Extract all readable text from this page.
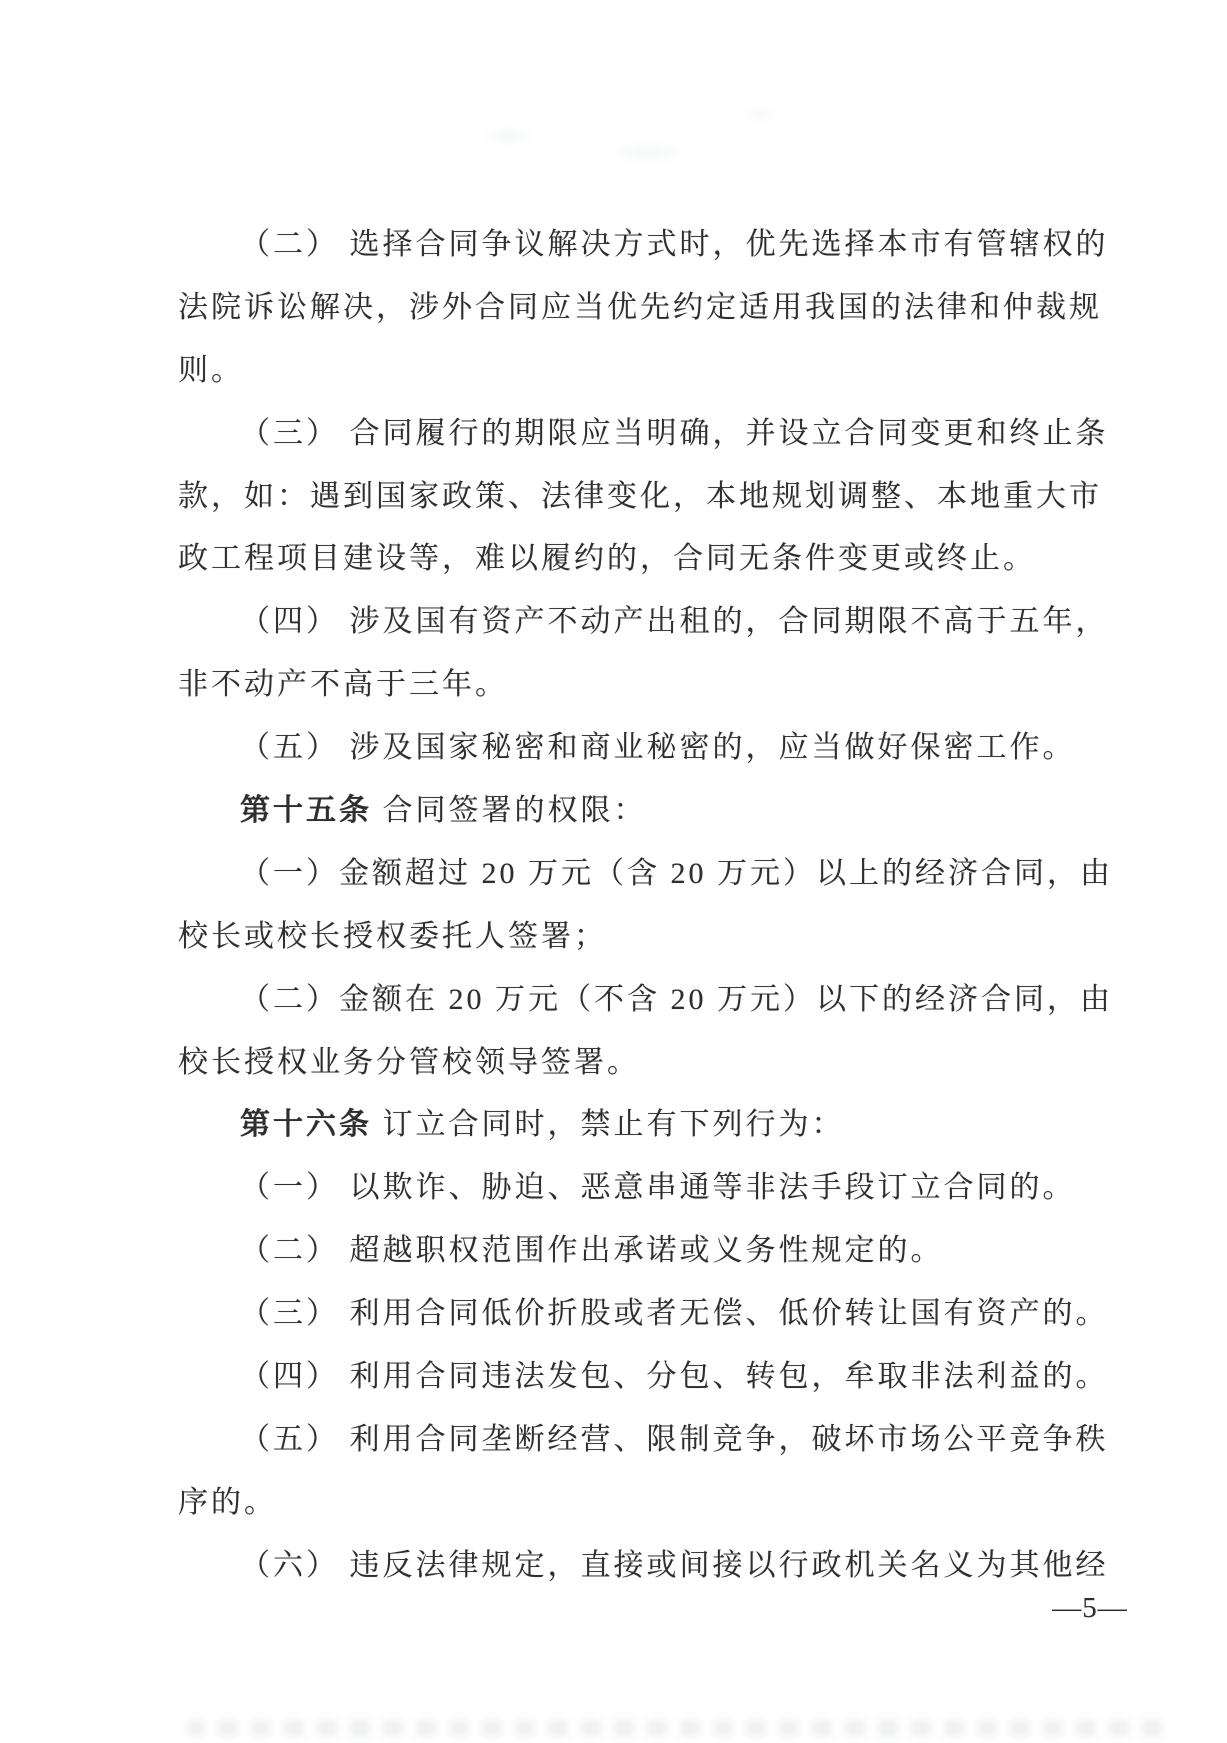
（二） 选择合同争议解决方式时，优先选择本市有管辖权的
法院诉讼解决，涉外合同应当优先约定适用我国的法律和仲裁规
则。
（三） 合同履行的期限应当明确，并设立合同变更和终止条
款，如：遇到国家政策、法律变化，本地规划调整、本地重大市
政工程项目建设等，难以履约的，合同无条件变更或终止。
（四） 涉及国有资产不动产出租的，合同期限不高于五年，
非不动产不高于三年。
（五） 涉及国家秘密和商业秘密的，应当做好保密工作。
第十五条 合同签署的权限：
（一）金额超过 20 万元（含 20 万元）以上的经济合同，由
校长或校长授权委托人签署；
（二）金额在 20 万元（不含 20 万元）以下的经济合同，由
校长授权业务分管校领导签署。
第十六条 订立合同时，禁止有下列行为：
（一） 以欺诈、胁迫、恶意串通等非法手段订立合同的。
（二） 超越职权范围作出承诺或义务性规定的。
（三） 利用合同低价折股或者无偿、低价转让国有资产的。
（四） 利用合同违法发包、分包、转包，牟取非法利益的。
（五） 利用合同垄断经营、限制竞争，破坏市场公平竞争秩
序的。
（六） 违反法律规定，直接或间接以行政机关名义为其他经
—5—
